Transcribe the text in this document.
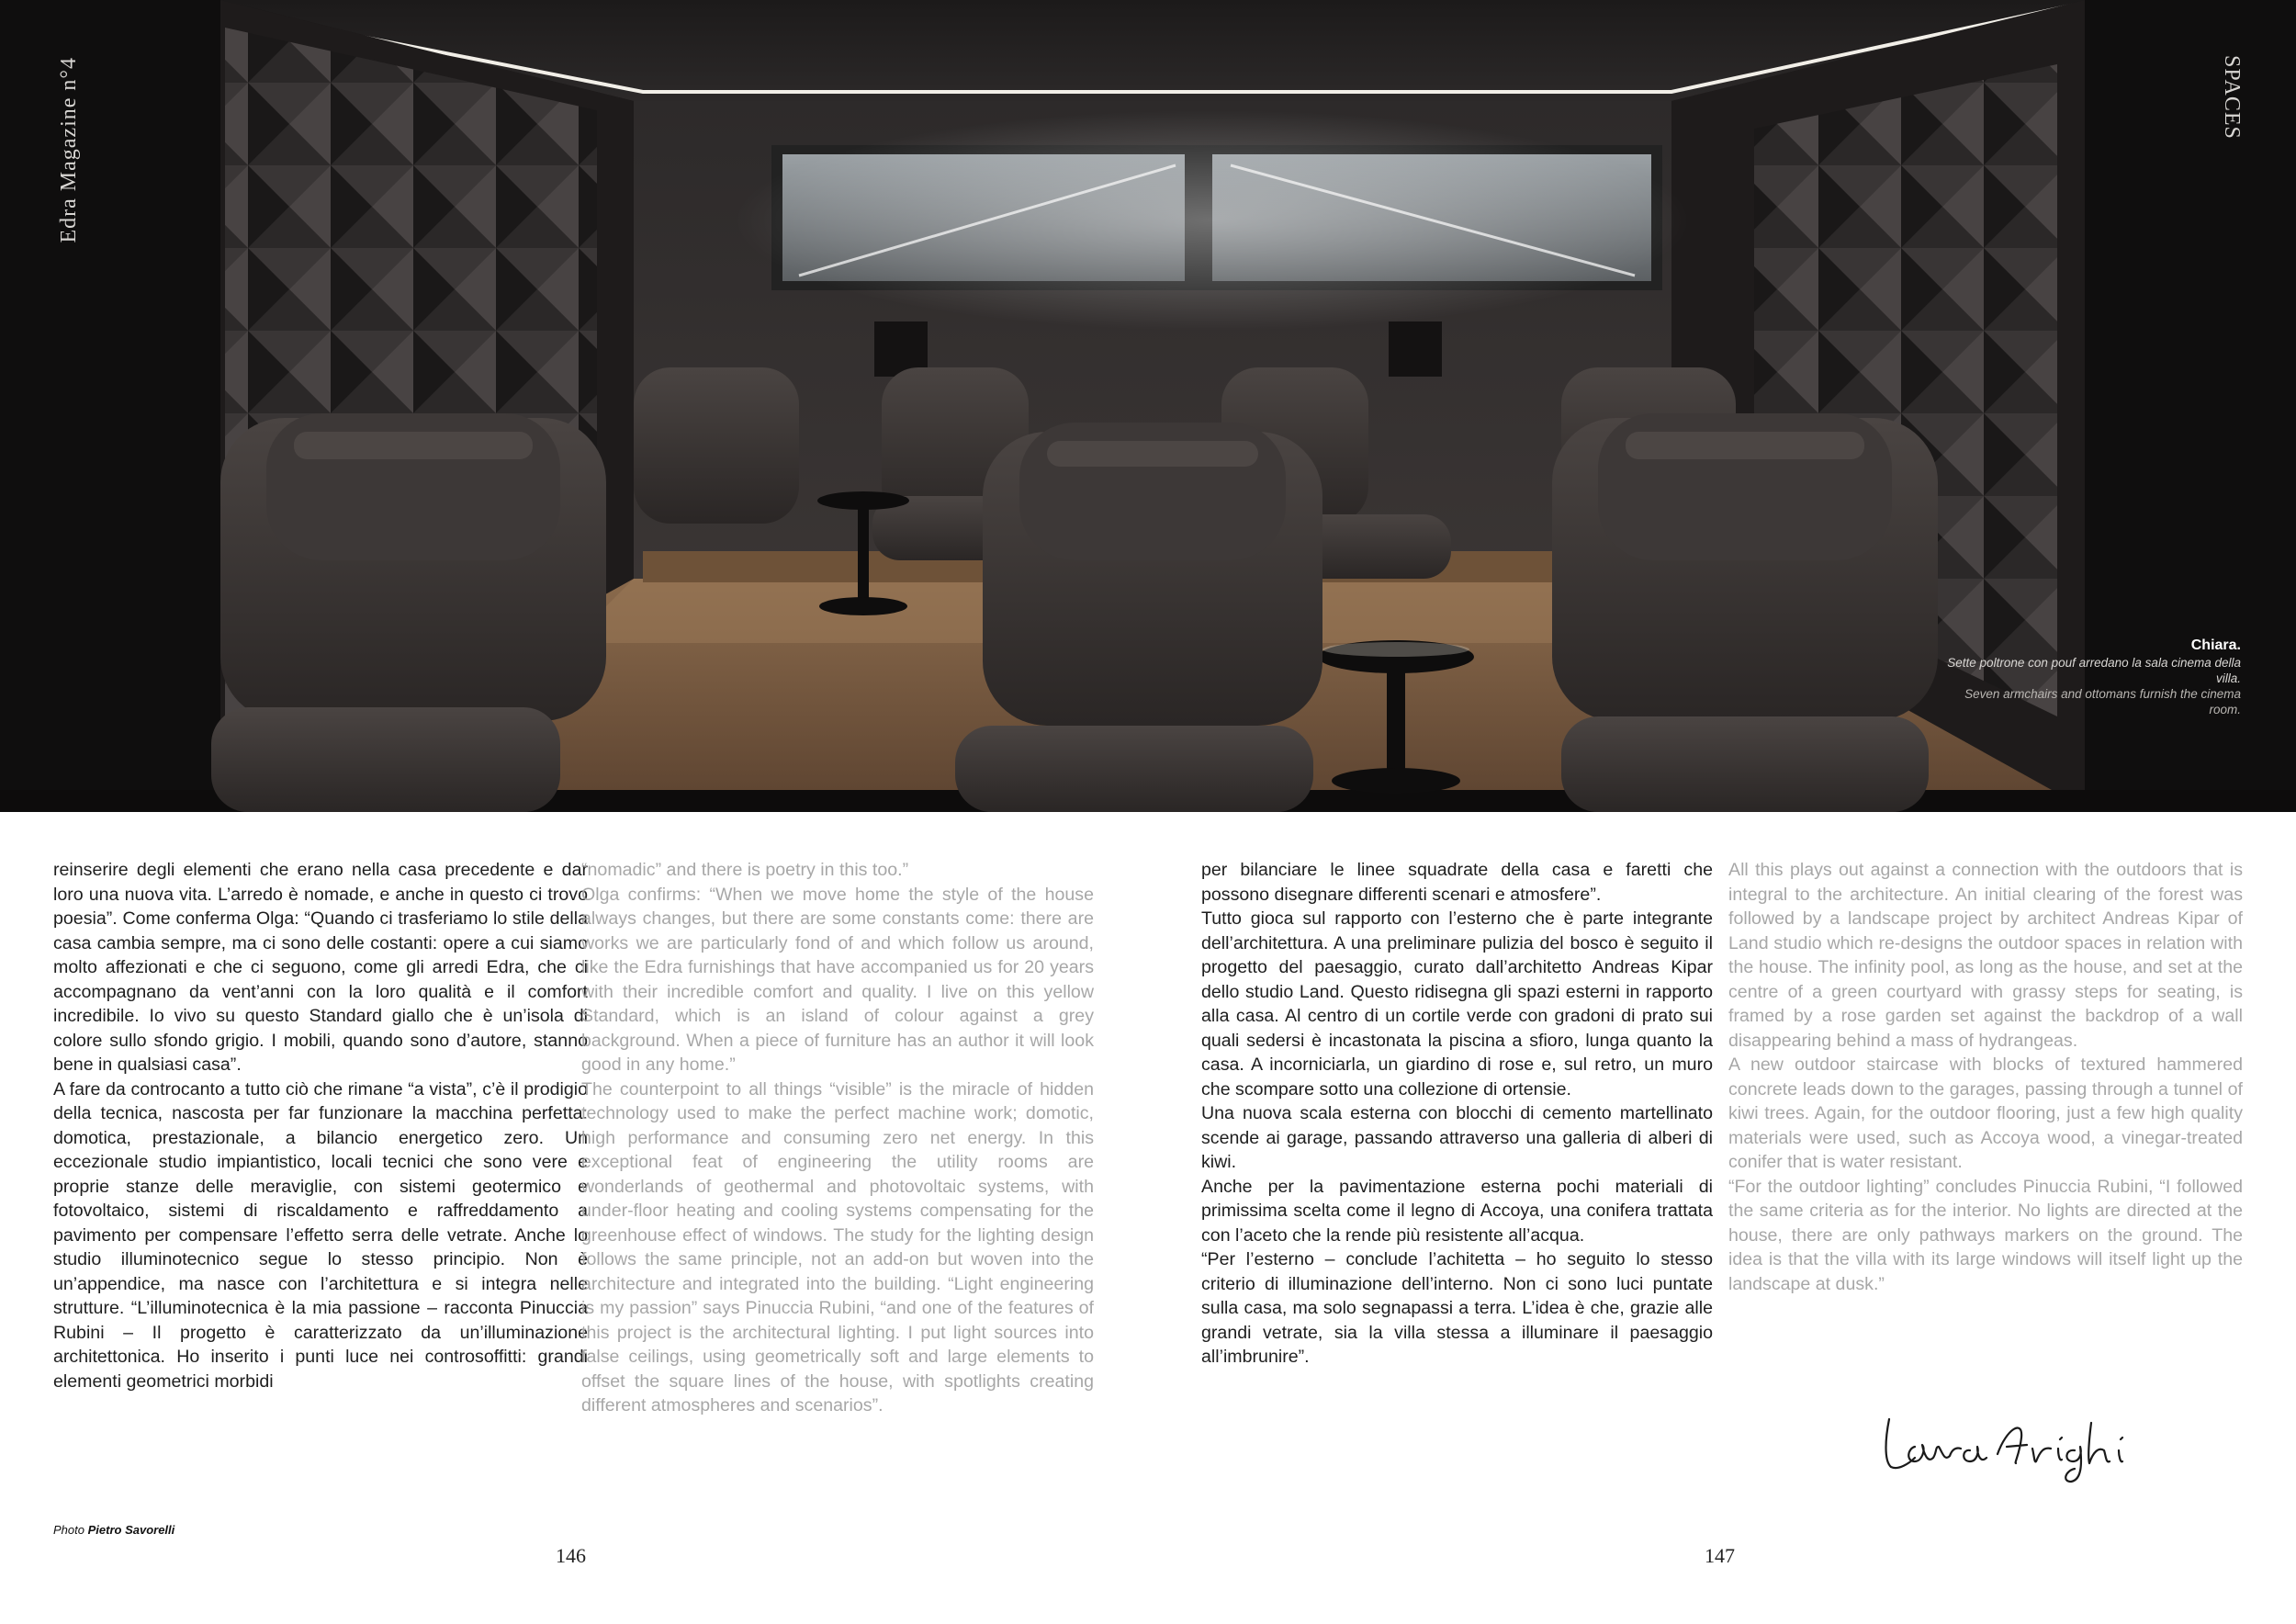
Edra Magazine n°4	SPACES
Chiara.
Sette poltrone con pouf arredano la sala cinema della villa.
Seven armchairs and ottomans furnish the cinema room.

reinserire degli elementi che erano nella casa precedente e dar loro una nuova vita. L’arredo è nomade, e anche in questo ci trovo poesia”. Come conferma Olga: “Quando ci trasferiamo lo stile della casa cambia sempre, ma ci sono delle costanti: opere a cui siamo molto affezionati e che ci seguono, come gli arredi Edra, che ci accompagnano da vent’anni con la loro qualità e il comfort incredibile. Io vivo su questo Standard giallo che è un’isola di colore sullo sfondo grigio. I mobili, quando sono d’autore, stanno bene in qualsiasi casa”.

A fare da controcanto a tutto ciò che rimane “a vista”, c’è il prodigio della tecnica, nascosta per far funzionare la macchina perfetta: domotica, prestazionale, a bilancio energetico zero. Un eccezionale studio impiantistico, locali tecnici che sono vere e proprie stanze delle meraviglie, con sistemi geotermico e fotovoltaico, sistemi di riscaldamento e raffreddamento a pavimento per compensare l’effetto serra delle vetrate. Anche lo studio illuminotecnico segue lo stesso principio. Non è un’appendice, ma nasce con l’architettura e si integra nelle strutture. “L’illuminotecnica è la mia passione – racconta Pinuccia Rubini – Il progetto è caratterizzato da un’illuminazione architettonica. Ho inserito i punti luce nei controsoffitti: grandi elementi geometrici morbidi

“nomadic” and there is poetry in this too.”

Olga confirms: “When we move home the style of the house always changes, but there are some constants come: there are works we are particularly fond of and which follow us around, like the Edra furnishings that have accompanied us for 20 years with their incredible comfort and quality. I live on this yellow Standard, which is an island of colour against a grey background. When a piece of furniture has an author it will look good in any home.”

The counterpoint to all things “visible” is the miracle of hidden technology used to make the perfect machine work; domotic, high performance and consuming zero net energy. In this exceptional feat of engineering the utility rooms are wonderlands of geothermal and photovoltaic systems, with under-floor heating and cooling systems compensating for the greenhouse effect of windows. The study for the lighting design follows the same principle, not an add-on but woven into the architecture and integrated into the building. “Light engineering is my passion” says Pinuccia Rubini, “and one of the features of this project is the architectural lighting. I put light sources into false ceilings, using geometrically soft and large elements to offset the square lines of the house, with spotlights creating different atmospheres and scenarios”.

per bilanciare le linee squadrate della casa e faretti che possono disegnare differenti scenari e atmosfere”.

Tutto gioca sul rapporto con l’esterno che è parte integrante dell’architettura. A una preliminare pulizia del bosco è seguito il progetto del paesaggio, curato dall’architetto Andreas Kipar dello studio Land. Questo ridisegna gli spazi esterni in rapporto alla casa. Al centro di un cortile verde con gradoni di prato sui quali sedersi è incastonata la piscina a sfioro, lunga quanto la casa. A incorniciarla, un giardino di rose e, sul retro, un muro che scompare sotto una collezione di ortensie.

Una nuova scala esterna con blocchi di cemento martellinato scende ai garage, passando attraverso una galleria di alberi di kiwi.

Anche per la pavimentazione esterna pochi materiali di primissima scelta come il legno di Accoya, una conifera trattata con l’aceto che la rende più resistente all’acqua.

“Per l’esterno – conclude l’achitetta – ho seguito lo stesso criterio di illuminazione dell’interno. Non ci sono luci puntate sulla casa, ma solo segnapassi a terra. L’idea è che, grazie alle grandi vetrate, sia la villa stessa a illuminare il paesaggio all’imbrunire”.

All this plays out against a connection with the outdoors that is integral to the architecture. An initial clearing of the forest was followed by a landscape project by architect Andreas Kipar of Land studio which re-designs the outdoor spaces in relation with the house. The infinity pool, as long as the house, and set at the centre of a green courtyard with grassy steps for seating, is framed by a rose garden set against the backdrop of a wall disappearing behind a mass of hydrangeas.

A new outdoor staircase with blocks of textured hammered concrete leads down to the garages, passing through a tunnel of kiwi trees. Again, for the outdoor flooring, just a few high quality materials were used, such as Accoya wood, a vinegar-treated conifer that is water resistant.

“For the outdoor lighting” concludes Pinuccia Rubini, “I followed the same criteria as for the interior. No lights are directed at the house, there are only pathways markers on the ground. The idea is that the villa with its large windows will itself light up the landscape at dusk.”

Photo Pietro Savorelli
146	147
